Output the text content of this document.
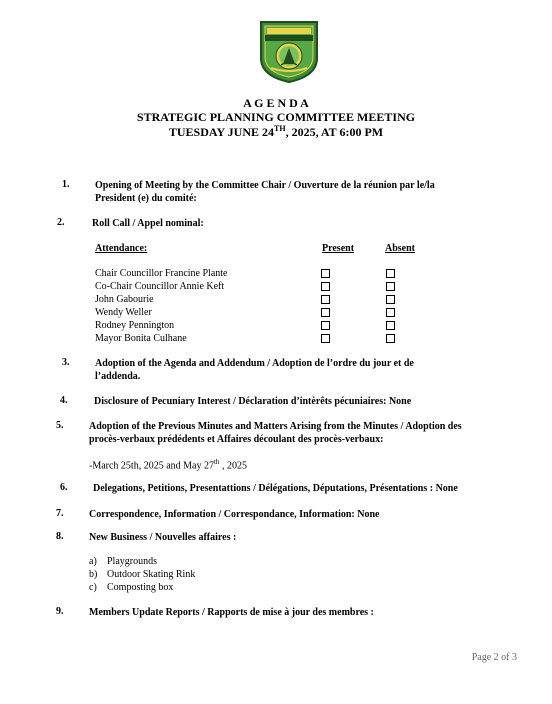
A G E N D A
STRATEGIC PLANNING COMMITTEE MEETING
TUESDAY JUNE 24TH, 2025, AT 6:00 PM
1.	Opening of Meeting by the Committee Chair / Ouverture de la réunion par le/la
President (e) du comité:
2.	Roll Call / Appel nominal:
Attendance:	Present	Absent
Chair Councillor Francine Plante
Co-Chair Councillor Annie Keft
John Gabourie
Wendy Weller
Rodney Pennington
Mayor Bonita Culhane
3.	Adoption of the Agenda and Addendum / Adoption de l’ordre du jour et de
l’addenda.
4.	Disclosure of Pecuniary Interest / Déclaration d’intèrêts pécuniaires: None
5.	Adoption of the Previous Minutes and Matters Arising from the Minutes / Adoption des
procès-verbaux prédédents et Affaires découlant des procès-verbaux:
-March 25th, 2025 and May 27th , 2025
6.	Delegations, Petitions, Presentattions / Délégations, Députations, Présentations : None
7.	Correspondence, Information / Correspondance, Information: None
8.	New Business / Nouvelles affaires :
a) Playgrounds
b) Outdoor Skating Rink
c) Composting box
9.	Members Update Reports / Rapports de mise à jour des membres :
Page 2 of 3
